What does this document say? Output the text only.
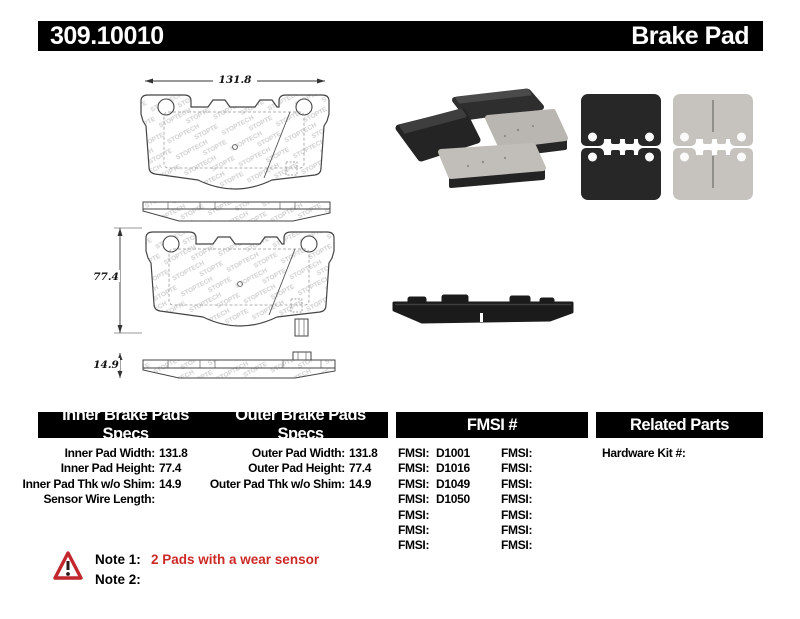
309.10010	Brake Pad
131.8
77.4
14.9
Inner Brake Pads Specs
Outer Brake Pads Specs
FMSI #	Related Parts
Inner Pad Width: 131.8
Inner Pad Height: 77.4
Inner Pad Thk w/o Shim: 14.9
Sensor Wire Length:
Outer Pad Width: 131.8
Outer Pad Height: 77.4
Outer Pad Thk w/o Shim: 14.9
FMSI: D1001	FMSI:
FMSI: D1016	FMSI:
FMSI: D1049	FMSI:
FMSI: D1050	FMSI:
FMSI:	FMSI:
FMSI:	FMSI:
FMSI:	FMSI:
Hardware Kit #:
Note 1: 2 Pads with a wear sensor
Note 2:
